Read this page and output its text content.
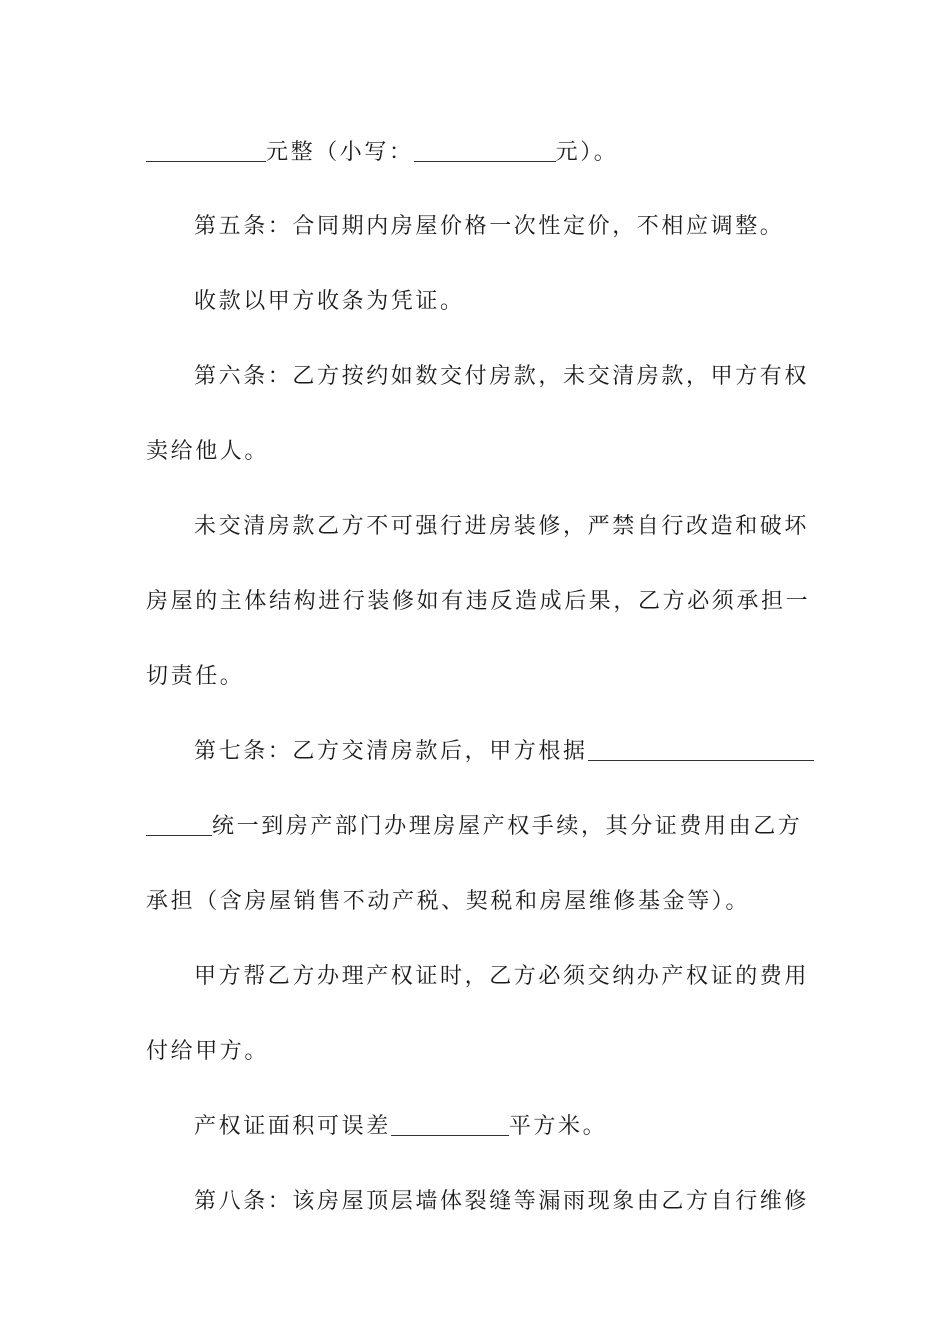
元整（小写：	元）。
第五条：合同期内房屋价格一次性定价，不相应调整。
收款以甲方收条为凭证。
第六条：乙方按约如数交付房款，未交清房款，甲方有权
卖给他人。
未交清房款乙方不可强行进房装修，严禁自行改造和破坏
房屋的主体结构进行装修如有违反造成后果，乙方必须承担一
切责任。
第七条：乙方交清房款后，甲方根据
统一到房产部门办理房屋产权手续，其分证费用由乙方
承担（含房屋销售不动产税、契税和房屋维修基金等）。
甲方帮乙方办理产权证时，乙方必须交纳办产权证的费用
付给甲方。
产权证面积可误差	平方米。
第八条：该房屋顶层墙体裂缝等漏雨现象由乙方自行维修
